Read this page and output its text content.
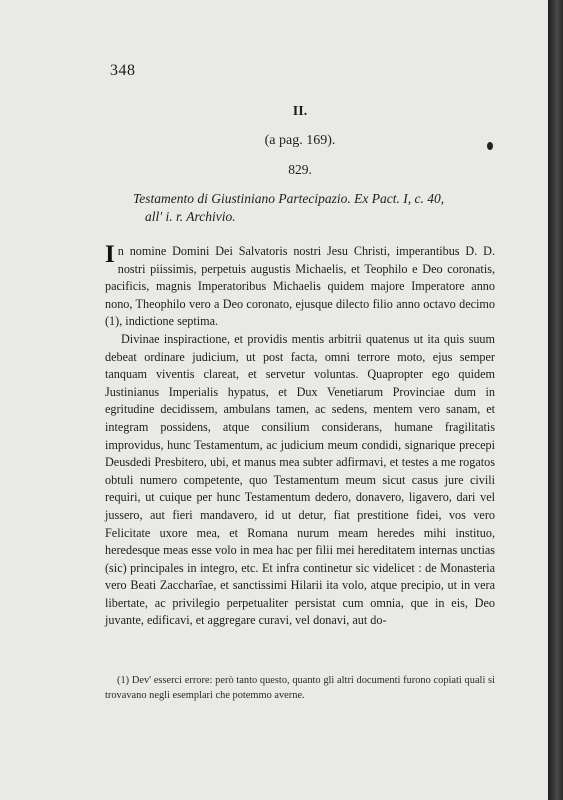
348
II.
(a pag. 169).
829.
Testamento di Giustiniano Partecipazio. Ex Pact. I, c. 40,
all' i. r. Archivio.

In nomine Domini Dei Salvatoris nostri Jesu Christi, imperantibus D. D. nostri piissimis, perpetuis augustis Michaelis, et Teophilo e Deo coronatis, pacificis, magnis Imperatoribus Michaelis quidem majore Imperatore anno nono, Theophilo vero a Deo coronato, ejusque dilecto filio anno octavo decimo (1), indictione septima.

Divinae inspiractione, et providis mentis arbitrii quatenus ut ita quis suum debeat ordinare judicium, ut post facta, omni terrore moto, ejus semper tanquam viventis clareat, et servetur voluntas. Quapropter ego quidem Justinianus Imperialis hypatus, et Dux Venetiarum Provinciae dum in egritudine decidissem, ambulans tamen, ac sedens, mentem vero sanam, et integram possidens, atque consilium considerans, humane fragilitatis improvidus, hunc Testamentum, ac judicium meum condidi, signarique precepi Deusdedi Presbitero, ubi, et manus mea subter adfirmavi, et testes a me rogatos obtuli numero competente, quo Testamentum meum sicut casus jure civili requiri, ut cuique per hunc Testamentum dedero, donavero, ligavero, dari vel jussero, aut fieri mandavero, id ut detur, fiat prestitione fidei, vos vero Felicitate uxore mea, et Romana nurum meam heredes mihi instituo, heredesque meas esse volo in mea hac per filii mei hereditatem internas unctias (sic) principales in integro, etc. Et infra continetur sic videlicet : de Monasteria vero Beati Zaccharîae, et sanctissimi Hilarii ita volo, atque precipio, ut in vera libertate, ac privilegio perpetualiter persistat cum omnia, que in eis, Deo juvante, edificavi, et aggregare curavi, vel donavi, aut do-

(1) Dev' esserci errore: però tanto questo, quanto gli altri documenti furono copiati quali si trovavano negli esemplari che potemmo averne.
